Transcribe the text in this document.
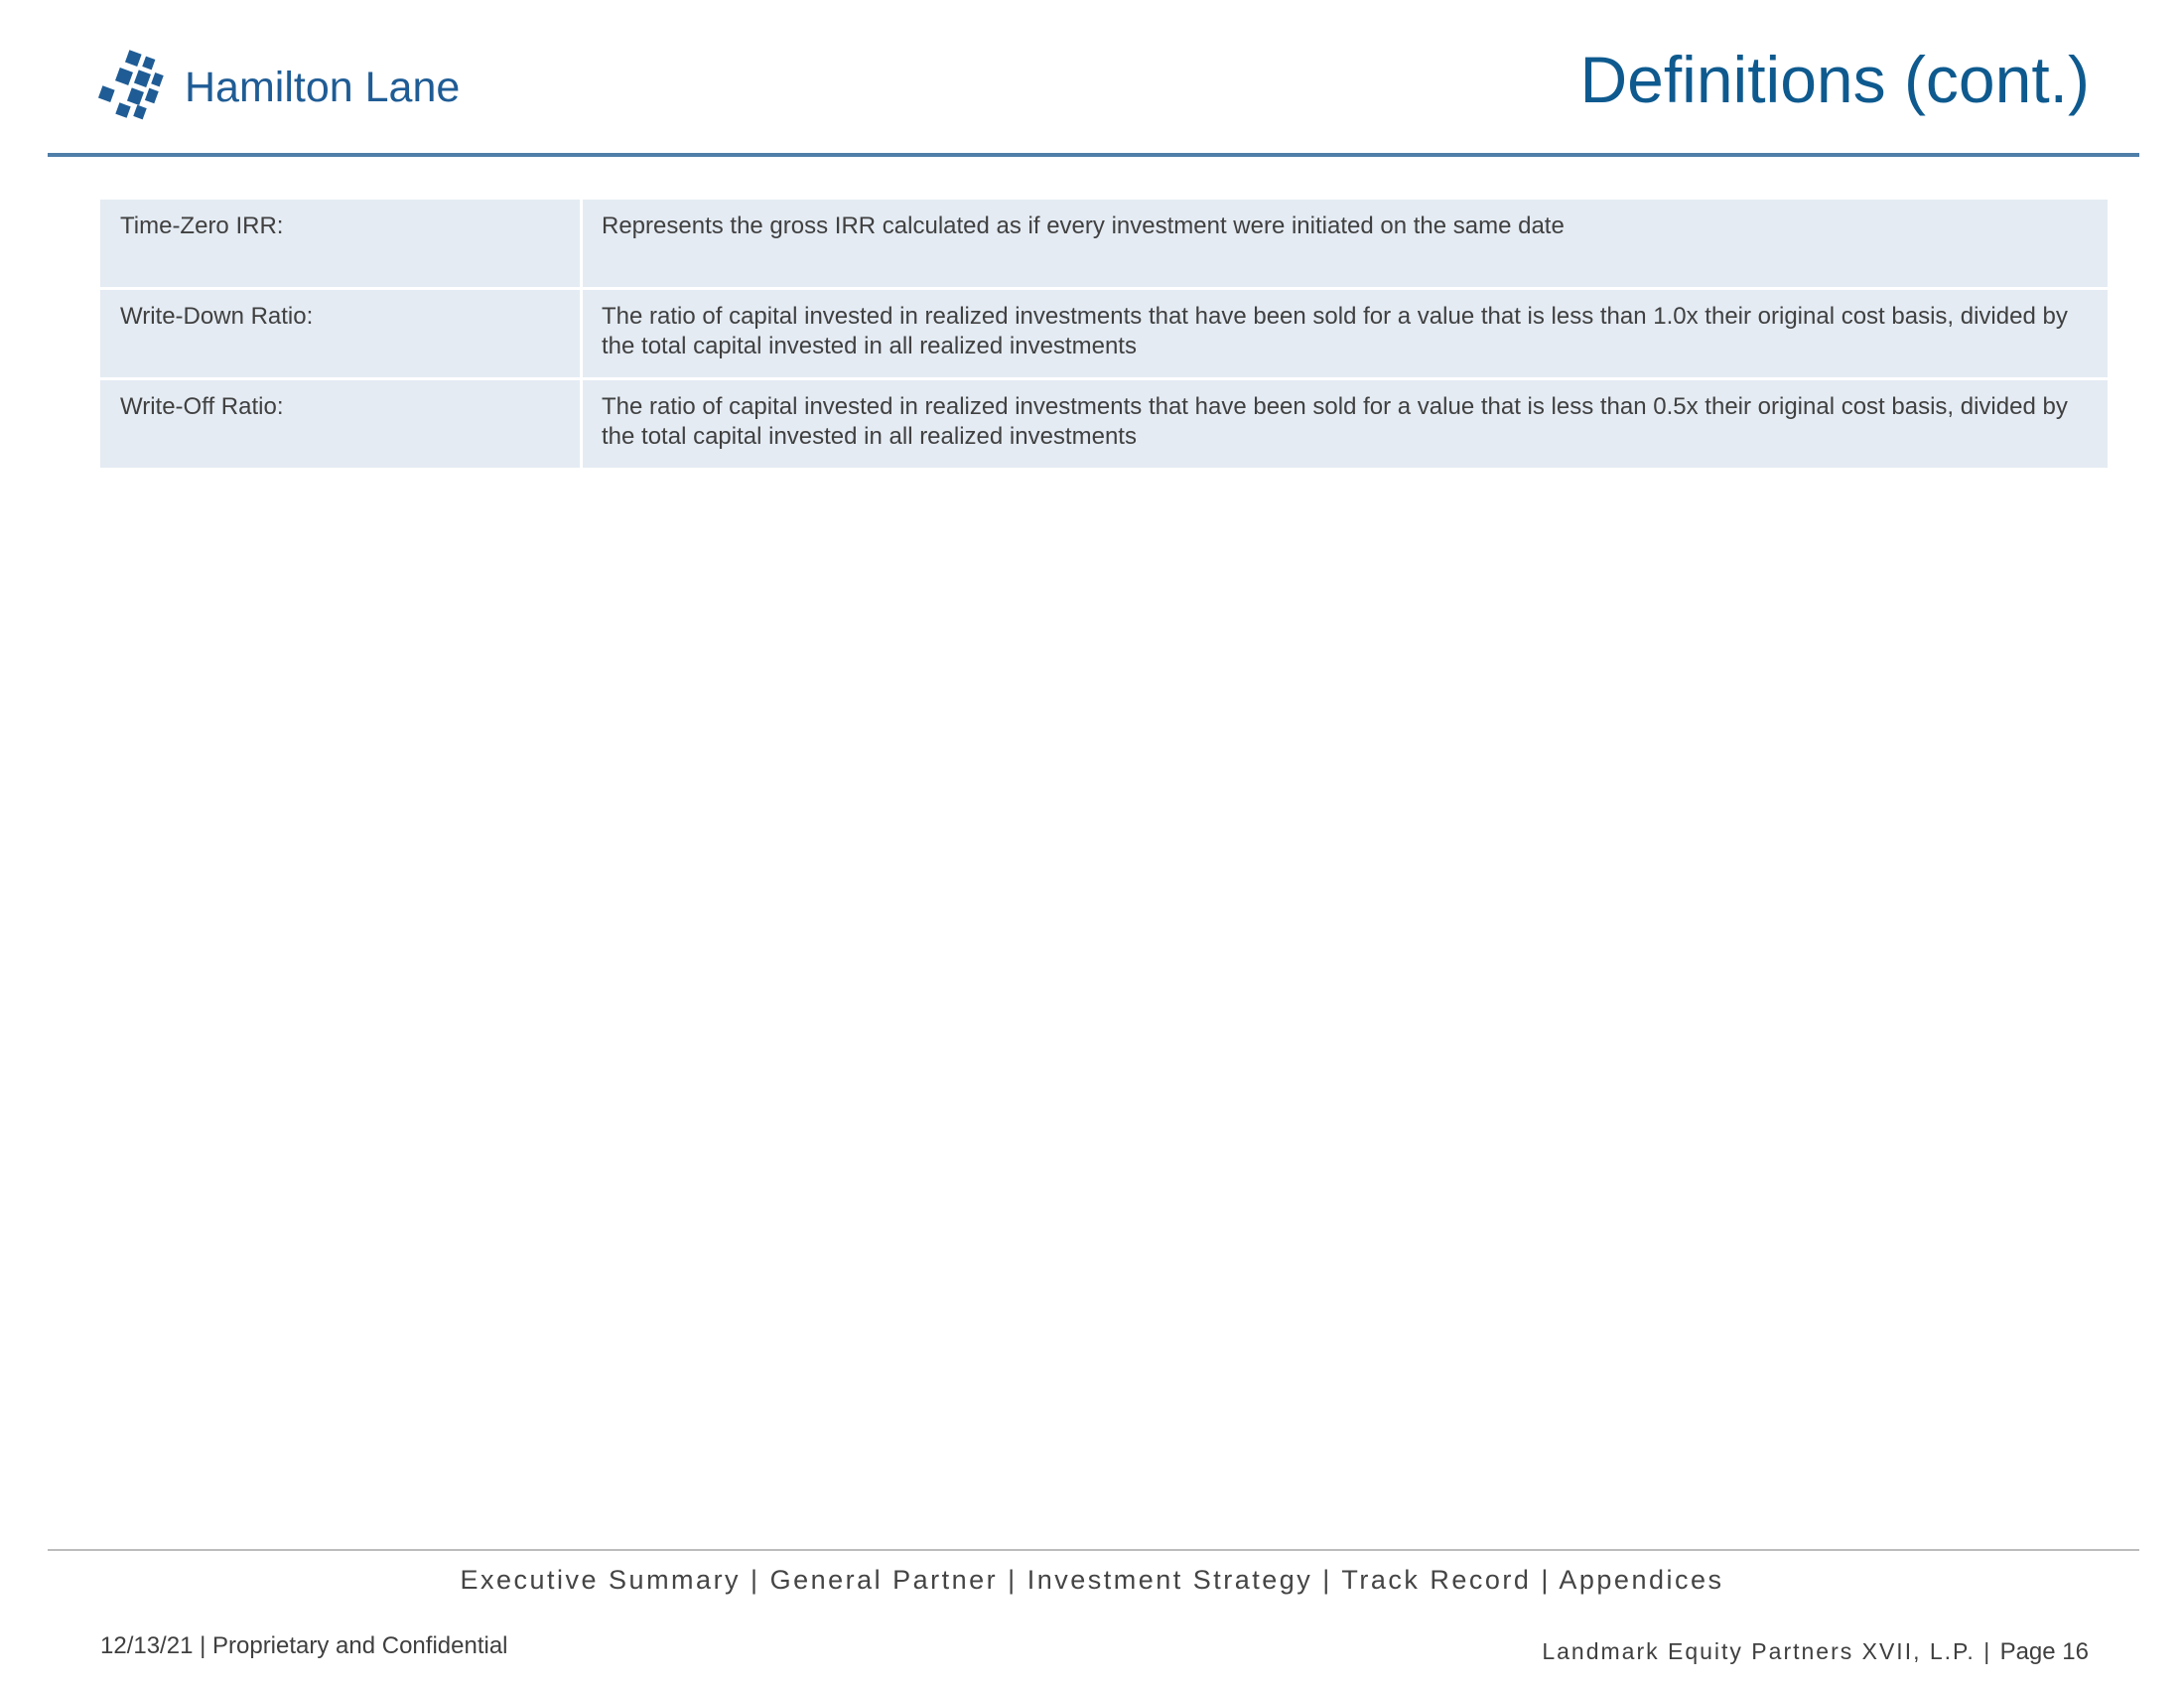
Hamilton Lane	Definitions (cont.)
Time-Zero IRR:	Represents the gross IRR calculated as if every investment were initiated on the same date
Write-Down Ratio:	The ratio of capital invested in realized investments that have been sold for a value that is less than 1.0x their original cost basis, divided by the total capital invested in all realized investments
Write-Off Ratio:	The ratio of capital invested in realized investments that have been sold for a value that is less than 0.5x their original cost basis, divided by the total capital invested in all realized investments
Executive Summary | General Partner | Investment Strategy | Track Record | Appendices
12/13/21 | Proprietary and Confidential	Landmark Equity Partners XVII, L.P. | Page 16
